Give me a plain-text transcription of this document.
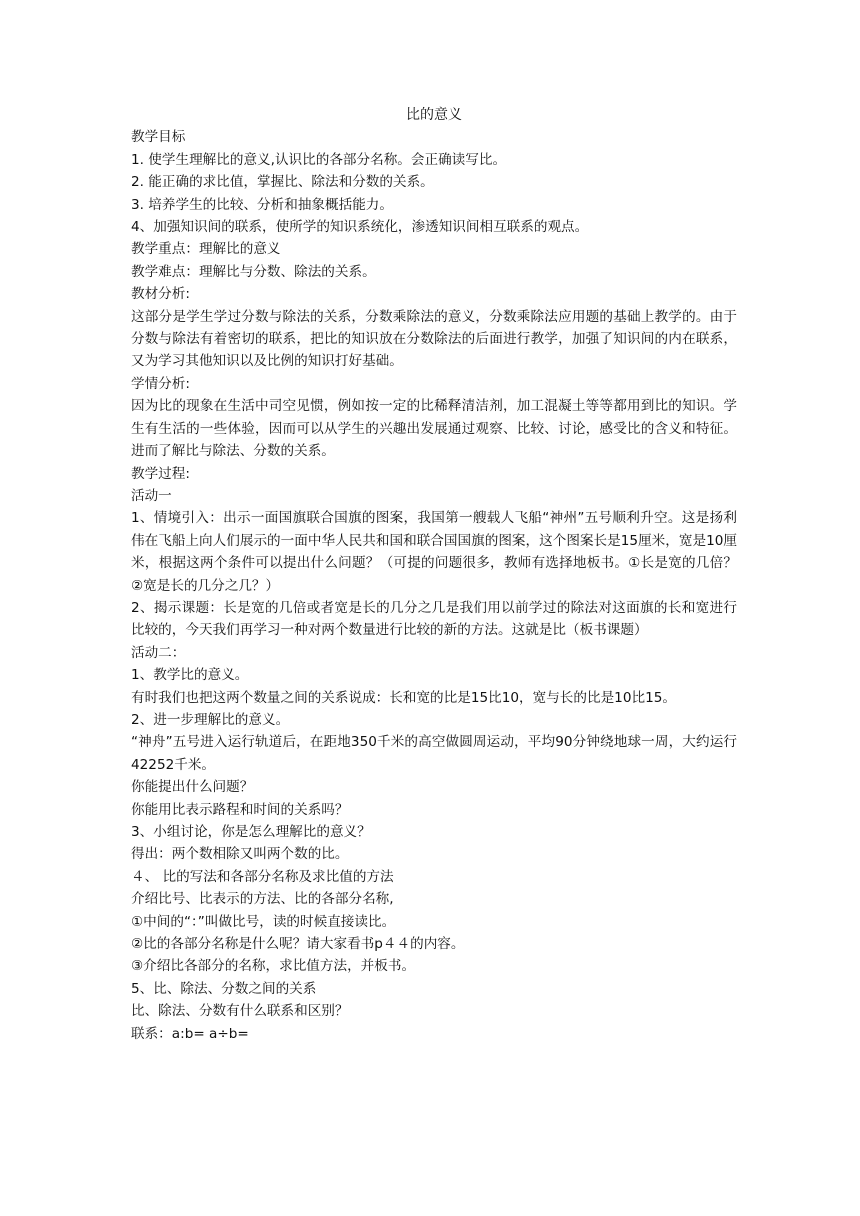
比的意义

教学目标

1. 使学生理解比的意义,认识比的各部分名称。会正确读写比。

2. 能正确的求比值，掌握比、除法和分数的关系。

3. 培养学生的比较、分析和抽象概括能力。

4、加强知识间的联系，使所学的知识系统化，渗透知识间相互联系的观点。

教学重点：理解比的意义

教学难点：理解比与分数、除法的关系。

教材分析:

这部分是学生学过分数与除法的关系，分数乘除法的意义，分数乘除法应用题的基础上教学的。由于分数与除法有着密切的联系，把比的知识放在分数除法的后面进行教学，加强了知识间的内在联系，又为学习其他知识以及比例的知识打好基础。

学情分析:

因为比的现象在生活中司空见惯，例如按一定的比稀释清洁剂，加工混凝土等等都用到比的知识。学生有生活的一些体验，因而可以从学生的兴趣出发展通过观察、比较、讨论，感受比的含义和特征。进而了解比与除法、分数的关系。

教学过程:

活动一

1、情境引入：出示一面国旗联合国旗的图案，我国第一艘载人飞船“神州”五号顺利升空。这是扬利伟在飞船上向人们展示的一面中华人民共和国和联合国国旗的图案，这个图案长是15厘米，宽是10厘米，根据这两个条件可以提出什么问题？（可提的问题很多，教师有选择地板书。①长是宽的几倍？②宽是长的几分之几？）

2、揭示课题：长是宽的几倍或者宽是长的几分之几是我们用以前学过的除法对这面旗的长和宽进行比较的，今天我们再学习一种对两个数量进行比较的新的方法。这就是比（板书课题）

活动二：

1、教学比的意义。

有时我们也把这两个数量之间的关系说成：长和宽的比是15比10，宽与长的比是10比15。

2、进一步理解比的意义。

“神舟”五号进入运行轨道后，在距地350千米的高空做圆周运动，平均90分钟绕地球一周，大约运行42252千米。

你能提出什么问题？

你能用比表示路程和时间的关系吗？

3、小组讨论，你是怎么理解比的意义？

得出：两个数相除又叫两个数的比。

４、 比的写法和各部分名称及求比值的方法

介绍比号、比表示的方法、比的各部分名称,

①中间的“：”叫做比号，读的时候直接读比。

②比的各部分名称是什么呢？请大家看书p４４的内容。

③介绍比各部分的名称，求比值方法，并板书。

5、比、除法、分数之间的关系

比、除法、分数有什么联系和区别？

联系：a:b= a÷b=
